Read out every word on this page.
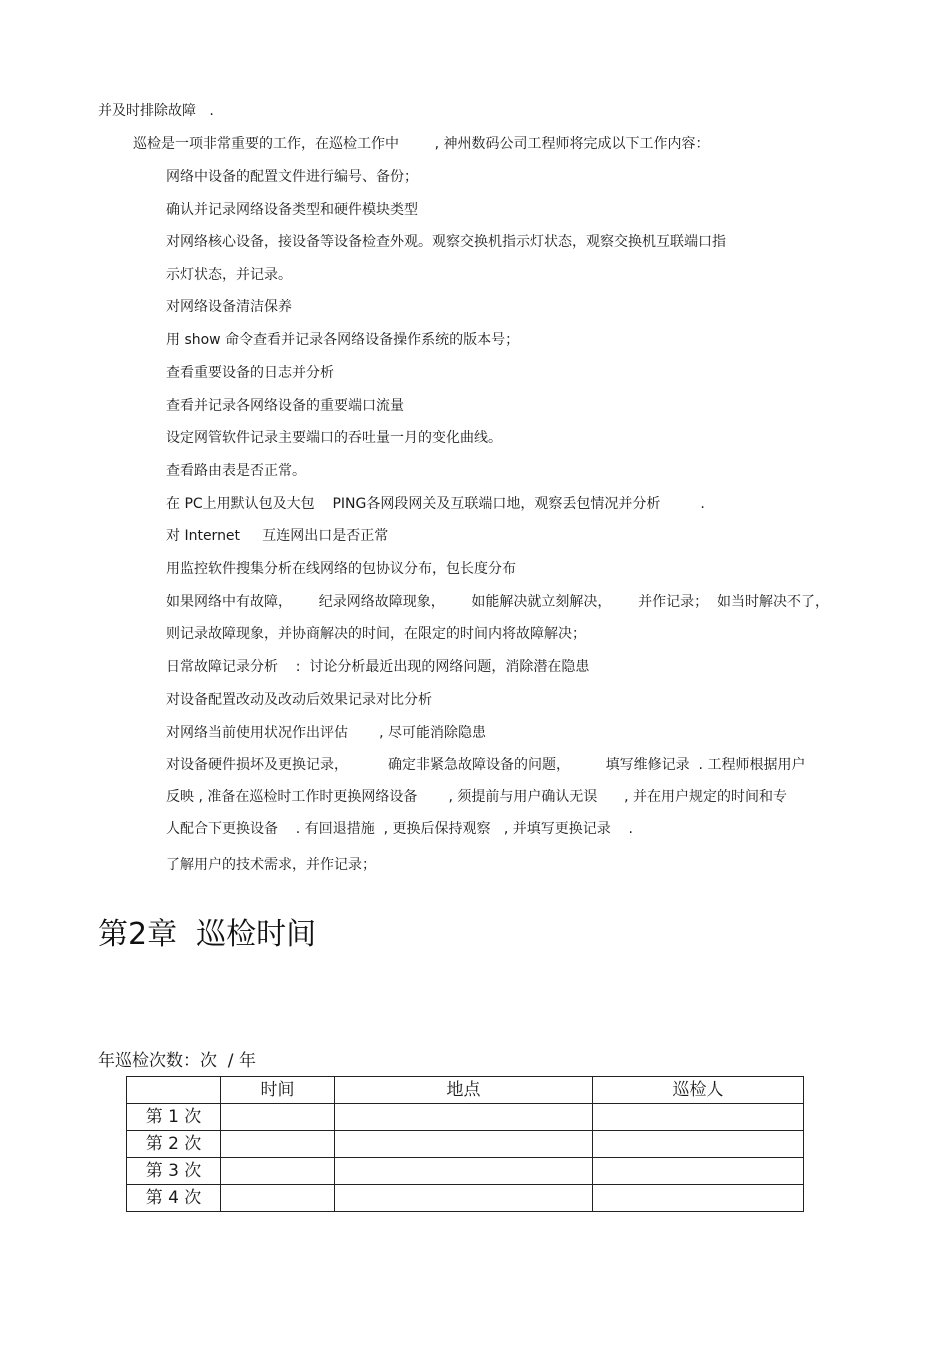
并及时排除故障   .
巡检是一项非常重要的工作，在巡检工作中        , 神州数码公司工程师将完成以下工作内容：
网络中设备的配置文件进行编号、备份；
确认并记录网络设备类型和硬件模块类型
对网络核心设备，接设备等设备检查外观。观察交换机指示灯状态，观察交换机互联端口指
示灯状态，并记录。
对网络设备清洁保养
用 show 命令查看并记录各网络设备操作系统的版本号；
查看重要设备的日志并分析
查看并记录各网络设备的重要端口流量
设定网管软件记录主要端口的吞吐量一月的变化曲线。
查看路由表是否正常。
在 PC上用默认包及大包    PING各网段网关及互联端口地，观察丢包情况并分析         .
对 Internet     互连网出口是否正常
用监控软件搜集分析在线网络的包协议分布，包长度分布
如果网络中有故障，      纪录网络故障现象，      如能解决就立刻解决，      并作记录；  如当时解决不了，
则记录故障现象，并协商解决的时间，在限定的时间内将故障解决；
日常故障记录分析    :  讨论分析最近出现的网络问题，消除潜在隐患
对设备配置改动及改动后效果记录对比分析
对网络当前使用状况作出评估       , 尽可能消除隐患
对设备硬件损坏及更换记录，         确定非紧急故障设备的问题，        填写维修记录  . 工程师根据用户
反映 , 准备在巡检时工作时更换网络设备       , 须提前与用户确认无误      , 并在用户规定的时间和专
人配合下更换设备    . 有回退措施  , 更换后保持观察   , 并填写更换记录    .
了解用户的技术需求，并作记录；
第2章  巡检时间
年巡检次数：次  / 年
	时间	地点	巡检人
第 1 次			
第 2 次			
第 3 次			
第 4 次			
